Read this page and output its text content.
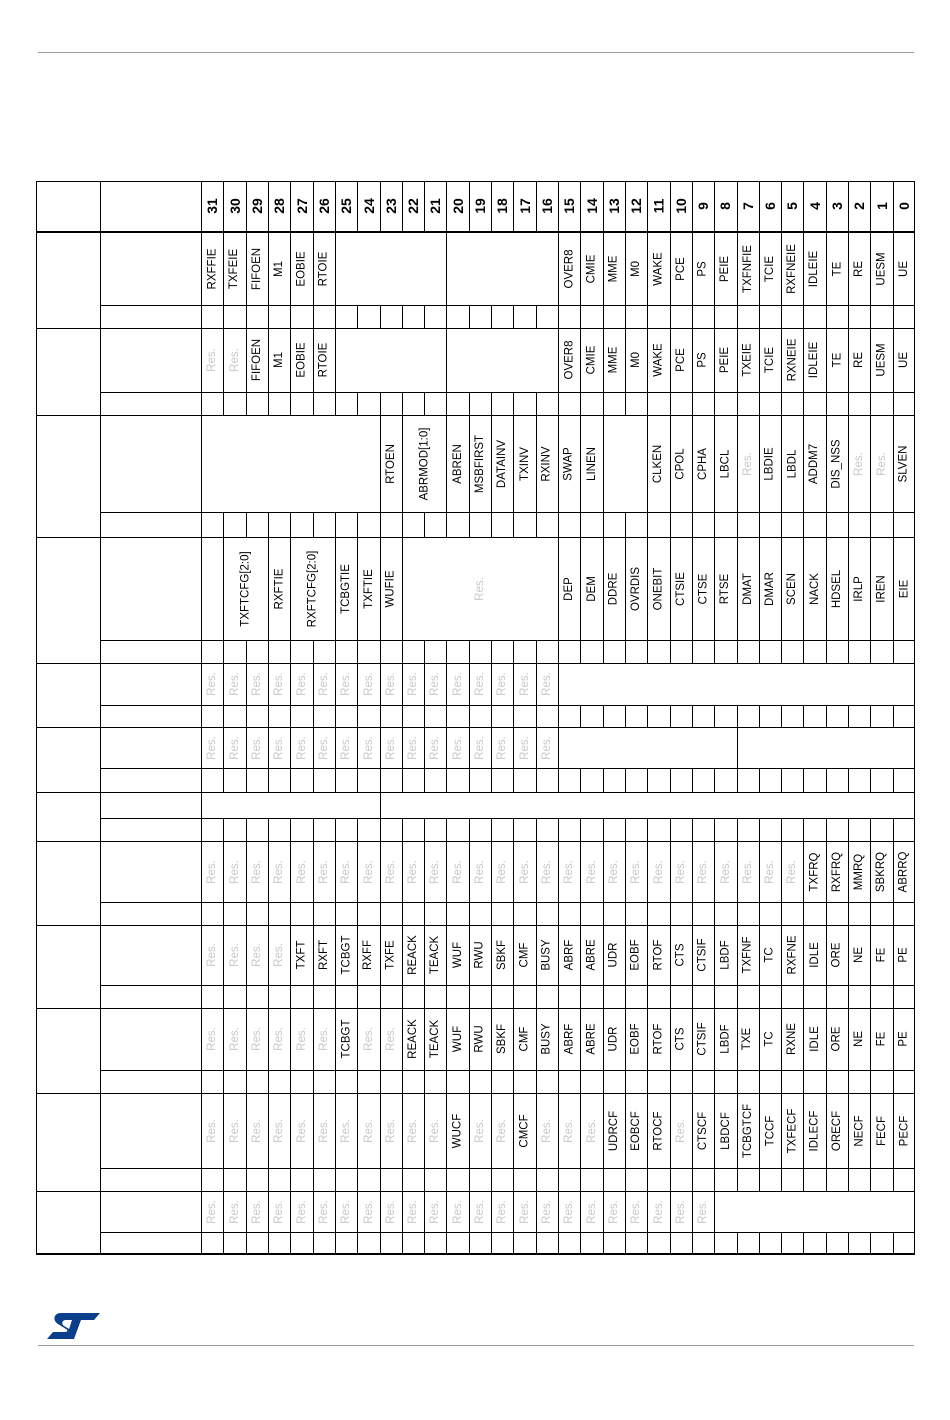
31 30 29 28 27 26 25 24 23 22 21 20 19 18 17 16 15 14 13 12 11 10 9 8 7 6 5 4 3 2 1 0
RXFFIE TXFEIE FIFOEN M1 EOBIE RTOIE	OVER8 CMIE MME M0 WAKE PCE PS PEIE TXFNFIE TCIE RXFNEIE IDLEIE TE RE UESM UE
Res. Res. FIFOEN M1 EOBIE RTOIE	OVER8 CMIE MME M0 WAKE PCE PS PEIE TXEIE TCIE RXNEIE IDLEIE TE RE UESM UE
RTOEN ABRMOD[1:0] ABREN MSBFIRST DATAINV TXINV RXINV SWAP LINEN	CLKEN CPOL CPHA LBCL Res. LBDIE LBDL ADDM7 DIS_NSS Res. Res. SLVEN
TXFTCFG[2:0] RXFTIE RXFTCFG[2:0] TCBGTIE TXFTIE WUFIE	Res.	DEP DEM DDRE OVRDIS ONEBIT CTSIE CTSE RTSE DMAT DMAR SCEN NACK HDSEL IRLP IREN EIE
Res. Res. Res. Res. Res. Res. Res. Res. Res. Res. Res. Res. Res. Res. Res. Res.
Res. Res. Res. Res. Res. Res. Res. Res. Res. Res. Res. Res. Res. Res. Res. Res.
Res. Res. Res. Res. Res. Res. Res. Res. Res. Res. Res. Res. Res. Res. Res. Res. Res. Res. Res. Res. Res. Res. Res. Res. Res. Res. Res. TXFRQ RXFRQ MMRQ SBKRQ ABRRQ
Res. Res. Res. Res. TXFT RXFT TCBGT RXFF TXFE REACK TEACK WUF RWU SBKF CMF BUSY ABRF ABRE UDR EOBF RTOF CTS CTSIF LBDF TXFNF TC RXFNE IDLE ORE NE FE PE
Res. Res. Res. Res. Res. Res. TCBGT Res. Res. REACK TEACK WUF RWU SBKF CMF BUSY ABRF ABRE UDR EOBF RTOF CTS CTSIF LBDF TXE TC RXNE IDLE ORE NE FE PE
Res. Res. Res. Res. Res. Res. Res. Res. Res. Res. Res. WUCF Res. Res. CMCF Res. Res. Res. UDRCF EOBCF RTOCF Res. CTSCF LBDCF TCBGTCF TCCF TXFECF IDLECF ORECF NECF FECF PECF
Res. Res. Res. Res. Res. Res. Res. Res. Res. Res. Res. Res. Res. Res. Res. Res. Res. Res. Res. Res. Res. Res. Res.
